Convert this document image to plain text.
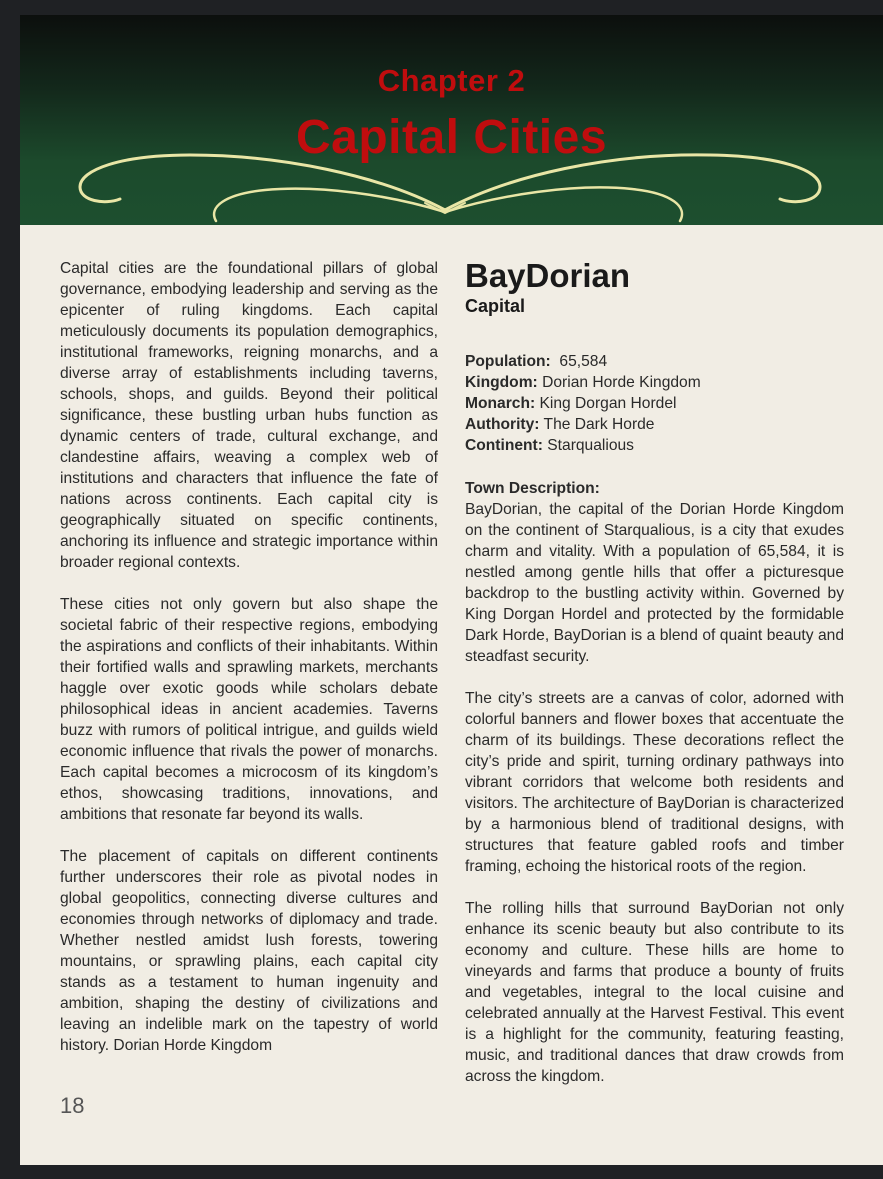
Chapter 2
Capital Cities

Capital cities are the foundational pillars of global governance, embodying leadership and serving as the epicenter of ruling kingdoms. Each capital meticulously documents its population demographics, institutional frameworks, reigning monarchs, and a diverse array of establishments including taverns, schools, shops, and guilds. Beyond their political significance, these bustling urban hubs function as dynamic centers of trade, cultural exchange, and clandestine affairs, weaving a complex web of institutions and characters that influence the fate of nations across continents. Each capital city is geographically situated on specific continents, anchoring its influence and strategic importance within broader regional contexts.

These cities not only govern but also shape the societal fabric of their respective regions, embodying the aspirations and conflicts of their inhabitants. Within their fortified walls and sprawling markets, merchants haggle over exotic goods while scholars debate philosophical ideas in ancient academies. Taverns buzz with rumors of political intrigue, and guilds wield economic influence that rivals the power of monarchs. Each capital becomes a microcosm of its kingdom’s ethos, showcasing traditions, innovations, and ambitions that resonate far beyond its walls.

The placement of capitals on different continents further underscores their role as pivotal nodes in global geopolitics, connecting diverse cultures and economies through networks of diplomacy and trade. Whether nestled amidst lush forests, towering mountains, or sprawling plains, each capital city stands as a testament to human ingenuity and ambition, shaping the destiny of civilizations and leaving an indelible mark on the tapestry of world history. Dorian Horde Kingdom

BayDorian
Capital
Population:  65,584
Kingdom: Dorian Horde Kingdom
Monarch: King Dorgan Hordel
Authority: The Dark Horde
Continent: Starqualious
Town Description:

BayDorian, the capital of the Dorian Horde Kingdom on the continent of Starqualious, is a city that exudes charm and vitality. With a population of 65,584, it is nestled among gentle hills that offer a picturesque backdrop to the bustling activity within. Governed by King Dorgan Hordel and protected by the formidable Dark Horde, BayDorian is a blend of quaint beauty and steadfast security.

The city’s streets are a canvas of color, adorned with colorful banners and flower boxes that accentuate the charm of its buildings. These decorations reflect the city’s pride and spirit, turning ordinary pathways into vibrant corridors that welcome both residents and visitors. The architecture of BayDorian is characterized by a harmonious blend of traditional designs, with structures that feature gabled roofs and timber framing, echoing the historical roots of the region.

The rolling hills that surround BayDorian not only enhance its scenic beauty but also contribute to its economy and culture. These hills are home to vineyards and farms that produce a bounty of fruits and vegetables, integral to the local cuisine and celebrated annually at the Harvest Festival. This event is a highlight for the community, featuring feasting, music, and traditional dances that draw crowds from across the kingdom.

18
